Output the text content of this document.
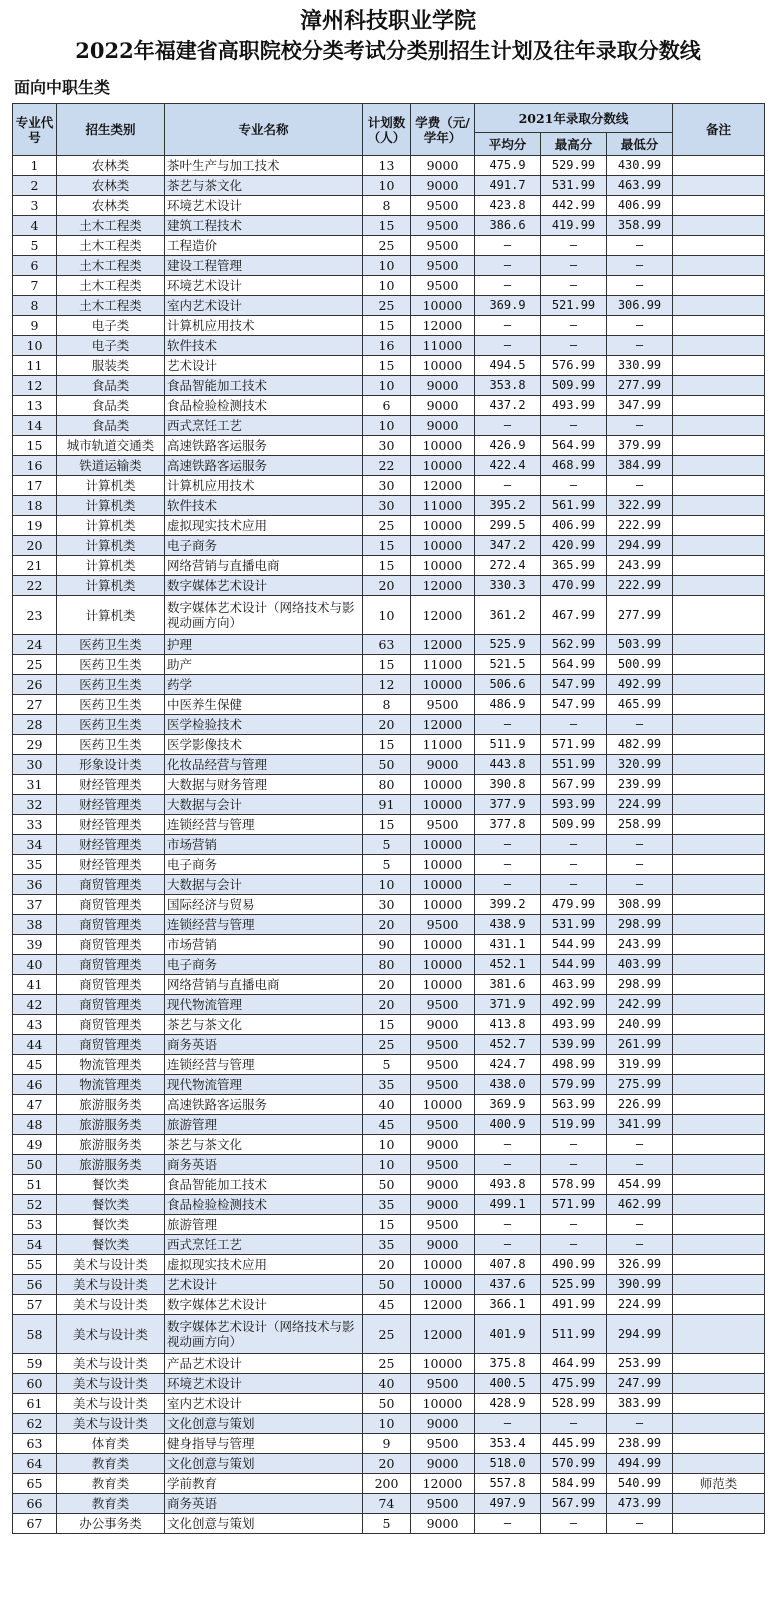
漳州科技职业学院
2022年福建省高职院校分类考试分类别招生计划及往年录取分数线
面向中职生类
专业代号	招生类别	专业名称	计划数（人）	学费（元/学年）	2021年录取分数线			备注
					平均分	最高分	最低分	
1	农林类	茶叶生产与加工技术	13	9000	475.9	529.99	430.99	
2	农林类	茶艺与茶文化	10	9000	491.7	531.99	463.99	
3	农林类	环境艺术设计	8	9500	423.8	442.99	406.99	
4	土木工程类	建筑工程技术	15	9500	386.6	419.99	358.99	
5	土木工程类	工程造价	25	9500	—	—	—	
6	土木工程类	建设工程管理	10	9500	—	—	—	
7	土木工程类	环境艺术设计	10	9500	—	—	—	
8	土木工程类	室内艺术设计	25	10000	369.9	521.99	306.99	
9	电子类	计算机应用技术	15	12000	—	—	—	
10	电子类	软件技术	16	11000	—	—	—	
11	服装类	艺术设计	15	10000	494.5	576.99	330.99	
12	食品类	食品智能加工技术	10	9000	353.8	509.99	277.99	
13	食品类	食品检验检测技术	6	9000	437.2	493.99	347.99	
14	食品类	西式烹饪工艺	10	9000	—	—	—	
15	城市轨道交通类	高速铁路客运服务	30	10000	426.9	564.99	379.99	
16	铁道运输类	高速铁路客运服务	22	10000	422.4	468.99	384.99	
17	计算机类	计算机应用技术	30	12000	—	—	—	
18	计算机类	软件技术	30	11000	395.2	561.99	322.99	
19	计算机类	虚拟现实技术应用	25	10000	299.5	406.99	222.99	
20	计算机类	电子商务	15	10000	347.2	420.99	294.99	
21	计算机类	网络营销与直播电商	15	10000	272.4	365.99	243.99	
22	计算机类	数字媒体艺术设计	20	12000	330.3	470.99	222.99	
23	计算机类	数字媒体艺术设计（网络技术与影视动画方向）	10	12000	361.2	467.99	277.99	
24	医药卫生类	护理	63	12000	525.9	562.99	503.99	
25	医药卫生类	助产	15	11000	521.5	564.99	500.99	
26	医药卫生类	药学	12	10000	506.6	547.99	492.99	
27	医药卫生类	中医养生保健	8	9500	486.9	547.99	465.99	
28	医药卫生类	医学检验技术	20	12000	—	—	—	
29	医药卫生类	医学影像技术	15	11000	511.9	571.99	482.99	
30	形象设计类	化妆品经营与管理	50	9000	443.8	551.99	320.99	
31	财经管理类	大数据与财务管理	80	10000	390.8	567.99	239.99	
32	财经管理类	大数据与会计	91	10000	377.9	593.99	224.99	
33	财经管理类	连锁经营与管理	15	9500	377.8	509.99	258.99	
34	财经管理类	市场营销	5	10000	—	—	—	
35	财经管理类	电子商务	5	10000	—	—	—	
36	商贸管理类	大数据与会计	10	10000	—	—	—	
37	商贸管理类	国际经济与贸易	30	10000	399.2	479.99	308.99	
38	商贸管理类	连锁经营与管理	20	9500	438.9	531.99	298.99	
39	商贸管理类	市场营销	90	10000	431.1	544.99	243.99	
40	商贸管理类	电子商务	80	10000	452.1	544.99	403.99	
41	商贸管理类	网络营销与直播电商	20	10000	381.6	463.99	298.99	
42	商贸管理类	现代物流管理	20	9500	371.9	492.99	242.99	
43	商贸管理类	茶艺与茶文化	15	9000	413.8	493.99	240.99	
44	商贸管理类	商务英语	25	9500	452.7	539.99	261.99	
45	物流管理类	连锁经营与管理	5	9500	424.7	498.99	319.99	
46	物流管理类	现代物流管理	35	9500	438.0	579.99	275.99	
47	旅游服务类	高速铁路客运服务	40	10000	369.9	563.99	226.99	
48	旅游服务类	旅游管理	45	9500	400.9	519.99	341.99	
49	旅游服务类	茶艺与茶文化	10	9000	—	—	—	
50	旅游服务类	商务英语	10	9500	—	—	—	
51	餐饮类	食品智能加工技术	50	9000	493.8	578.99	454.99	
52	餐饮类	食品检验检测技术	35	9000	499.1	571.99	462.99	
53	餐饮类	旅游管理	15	9500	—	—	—	
54	餐饮类	西式烹饪工艺	35	9000	—	—	—	
55	美术与设计类	虚拟现实技术应用	20	10000	407.8	490.99	326.99	
56	美术与设计类	艺术设计	50	10000	437.6	525.99	390.99	
57	美术与设计类	数字媒体艺术设计	45	12000	366.1	491.99	224.99	
58	美术与设计类	数字媒体艺术设计（网络技术与影视动画方向）	25	12000	401.9	511.99	294.99	
59	美术与设计类	产品艺术设计	25	10000	375.8	464.99	253.99	
60	美术与设计类	环境艺术设计	40	9500	400.5	475.99	247.99	
61	美术与设计类	室内艺术设计	50	10000	428.9	528.99	383.99	
62	美术与设计类	文化创意与策划	10	9000	—	—	—	
63	体育类	健身指导与管理	9	9500	353.4	445.99	238.99	
64	教育类	文化创意与策划	20	9000	518.0	570.99	494.99	
65	教育类	学前教育	200	12000	557.8	584.99	540.99	师范类
66	教育类	商务英语	74	9500	497.9	567.99	473.99	
67	办公事务类	文化创意与策划	5	9000	—	—	—	
